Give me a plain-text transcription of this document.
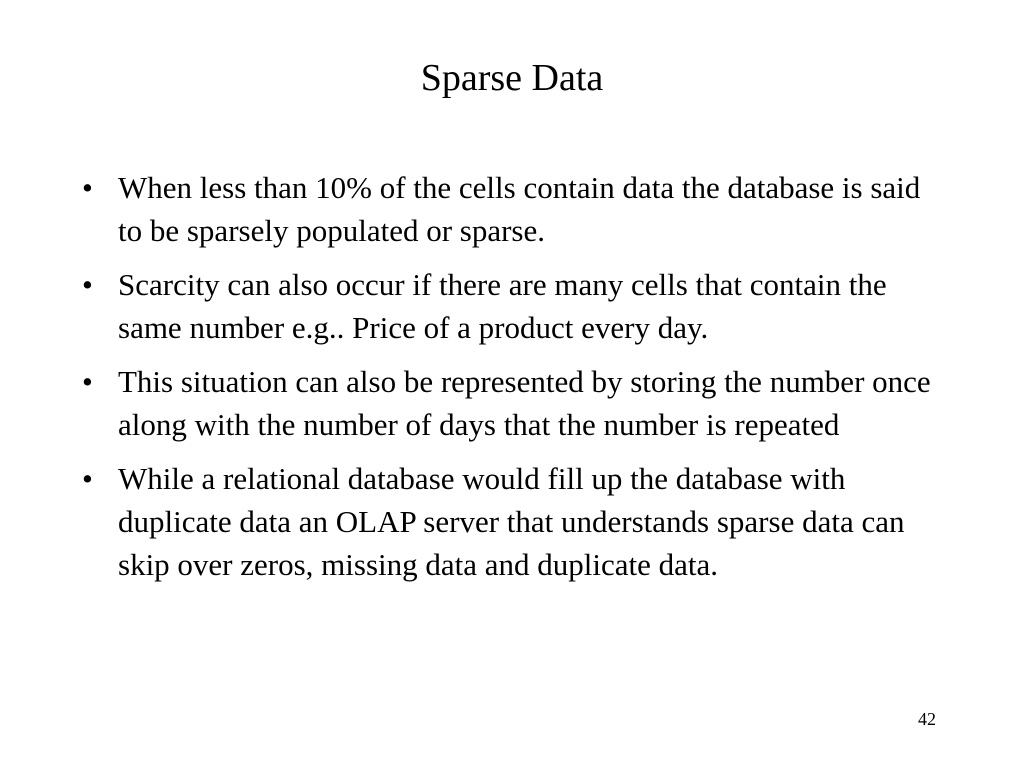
Sparse Data
• When less than 10% of the cells contain data the database is said to be sparsely populated or sparse.
• Scarcity can also occur if there are many cells that contain the same number e.g.. Price of a product every day.
• This situation can also be represented by storing the number once along with the number of days that the number is repeated
• While a relational database would fill up the database with duplicate data an OLAP server that understands sparse data can skip over zeros, missing data and duplicate data.
42
